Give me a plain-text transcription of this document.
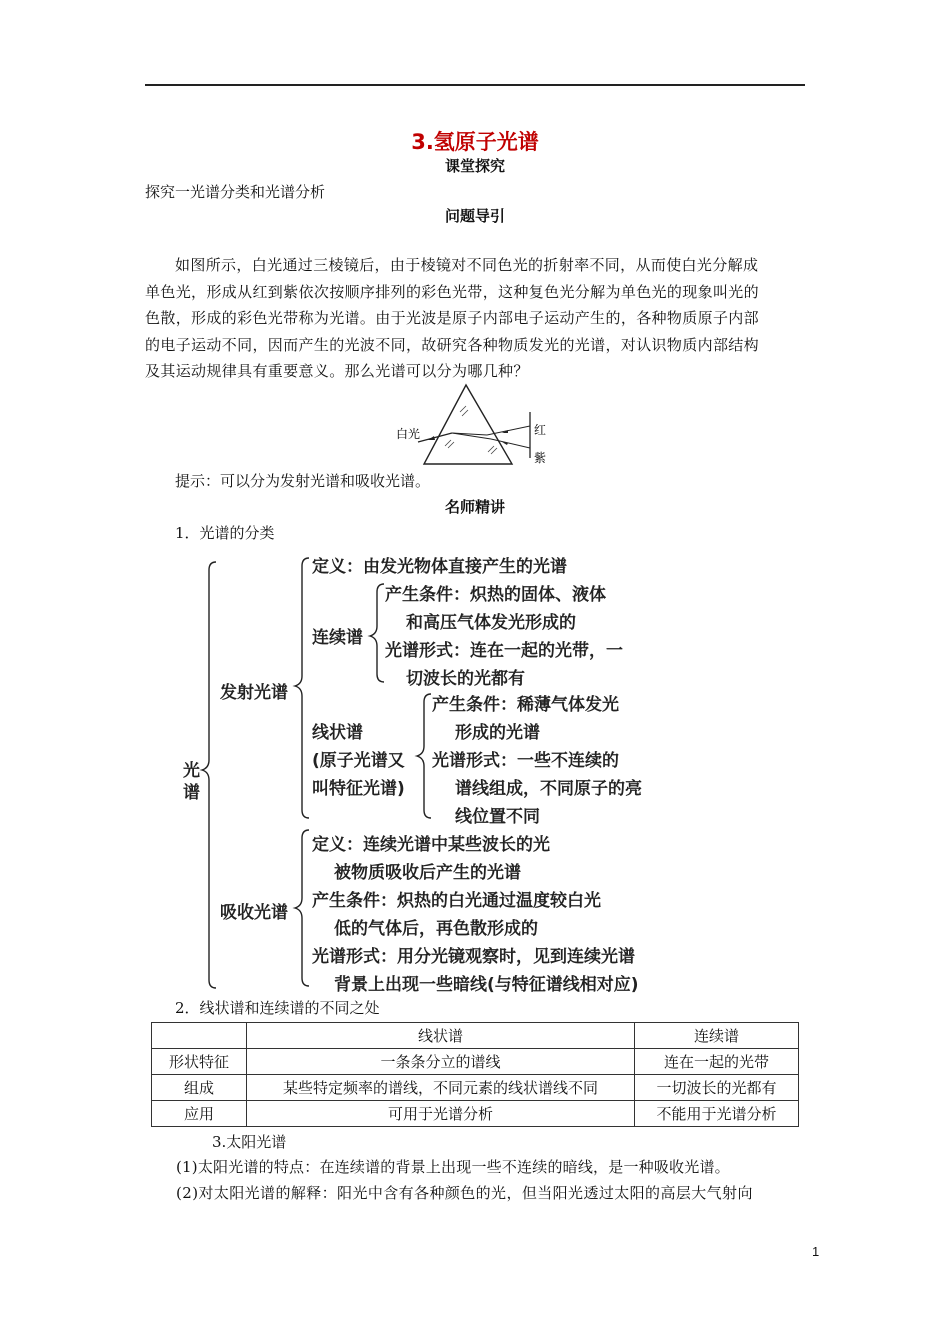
3.氢原子光谱
课堂探究
探究一光谱分类和光谱分析
问题导引
如图所示，白光通过三棱镜后，由于棱镜对不同色光的折射率不同，从而使白光分解成
单色光，形成从红到紫依次按顺序排列的彩色光带，这种复色光分解为单色光的现象叫光的
色散，形成的彩色光带称为光谱。由于光波是原子内部电子运动产生的，各种物质原子内部
的电子运动不同，因而产生的光波不同，故研究各种物质发光的光谱，对认识物质内部结构
及其运动规律具有重要意义。那么光谱可以分为哪几种？
白光	红
紫
提示：可以分为发射光谱和吸收光谱。
名师精讲
1．光谱的分类
光谱
发射光谱
定义：由发光物体直接产生的光谱
连续谱
产生条件：炽热的固体、液体
和高压气体发光形成的
光谱形式：连在一起的光带，一
切波长的光都有
线状谱
(原子光谱又
叫特征光谱)
产生条件：稀薄气体发光
形成的光谱
光谱形式：一些不连续的
谱线组成，不同原子的亮
线位置不同
吸收光谱
定义：连续光谱中某些波长的光
被物质吸收后产生的光谱
产生条件：炽热的白光通过温度较白光
低的气体后，再色散形成的
光谱形式：用分光镜观察时，见到连续光谱
背景上出现一些暗线(与特征谱线相对应)
2．线状谱和连续谱的不同之处
	线状谱	连续谱
形状特征	一条条分立的谱线	连在一起的光带
组成	某些特定频率的谱线，不同元素的线状谱线不同	一切波长的光都有
应用	可用于光谱分析	不能用于光谱分析
3.太阳光谱
(1)太阳光谱的特点：在连续谱的背景上出现一些不连续的暗线，是一种吸收光谱。
(2)对太阳光谱的解释：阳光中含有各种颜色的光，但当阳光透过太阳的高层大气射向
1
